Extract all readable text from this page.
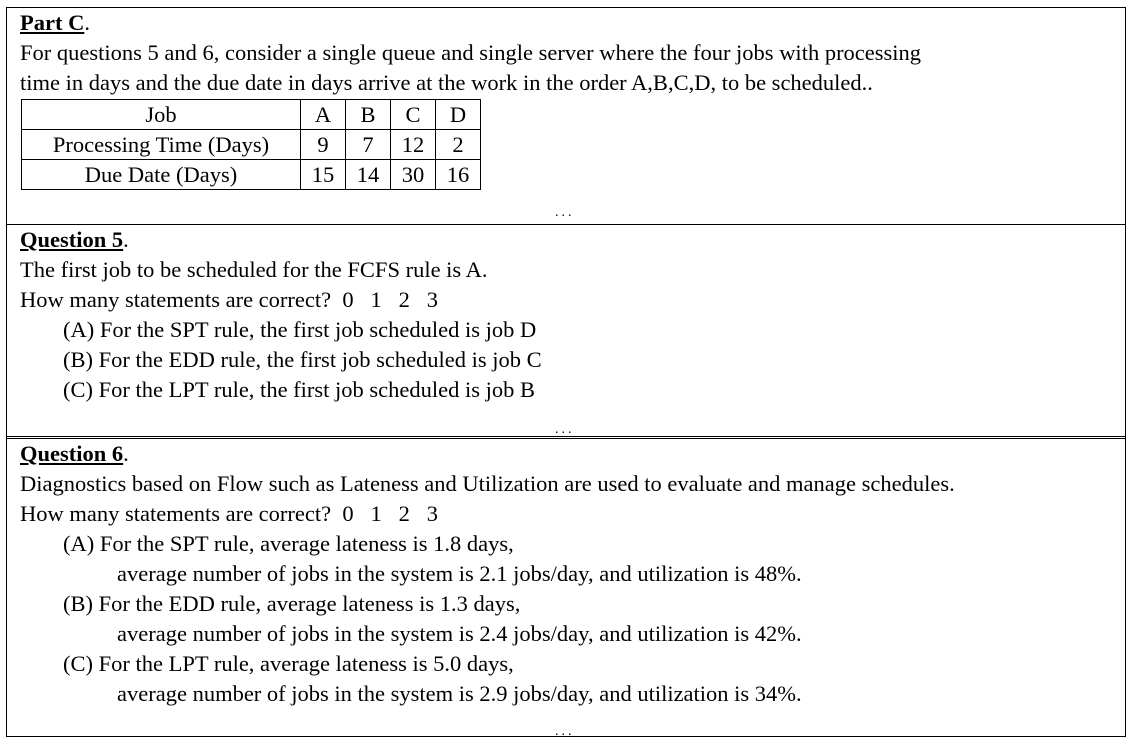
Part C.
For questions 5 and 6, consider a single queue and single server where the four jobs with processing
time in days and the due date in days arrive at the work in the order A,B,C,D, to be scheduled..
Job	A	B	C	D
Processing Time (Days)	9	7	12	2
Due Date (Days)	15	14	30	16
...
Question 5.
The first job to be scheduled for the FCFS rule is A.
How many statements are correct?  0   1   2   3
(A) For the SPT rule, the first job scheduled is job D
(B) For the EDD rule, the first job scheduled is job C
(C) For the LPT rule, the first job scheduled is job B
...
Question 6.
Diagnostics based on Flow such as Lateness and Utilization are used to evaluate and manage schedules.
How many statements are correct?  0   1   2   3
(A) For the SPT rule, average lateness is 1.8 days,
average number of jobs in the system is 2.1 jobs/day, and utilization is 48%.
(B) For the EDD rule, average lateness is 1.3 days,
average number of jobs in the system is 2.4 jobs/day, and utilization is 42%.
(C) For the LPT rule, average lateness is 5.0 days,
average number of jobs in the system is 2.9 jobs/day, and utilization is 34%.
...
